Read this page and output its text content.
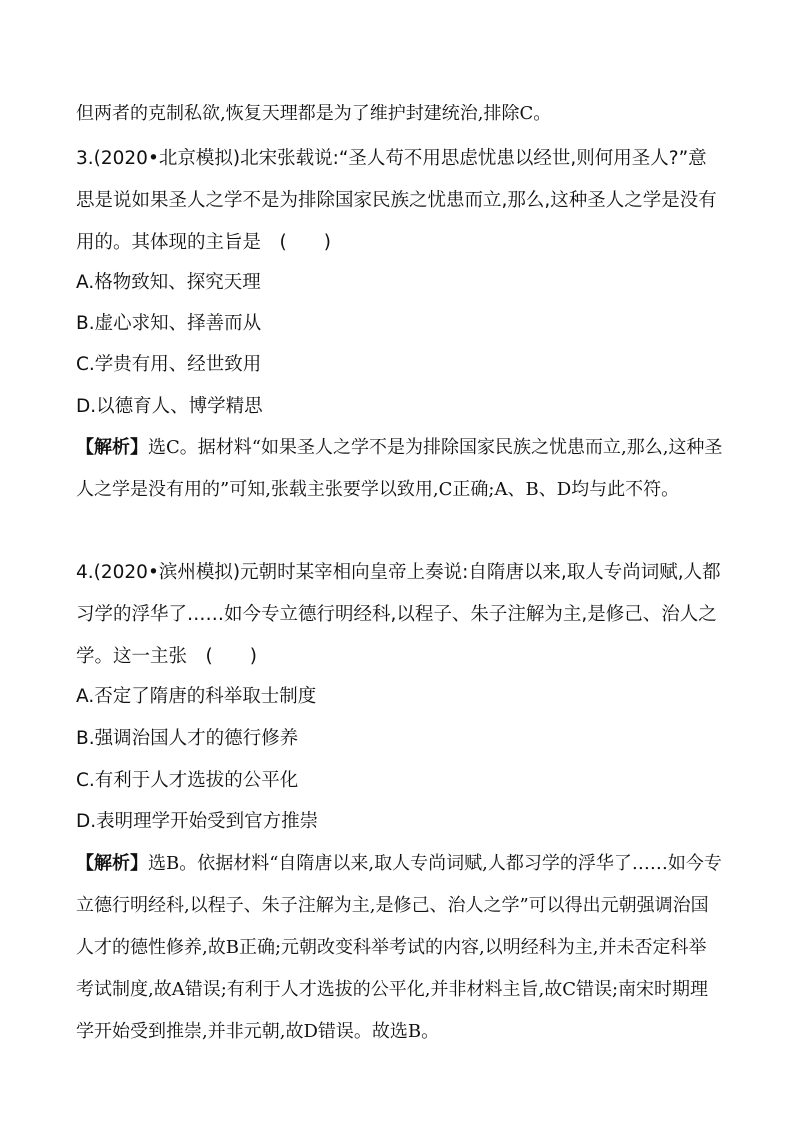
但两者的克制私欲,恢复天理都是为了维护封建统治,排除C。
3.(2020•北京模拟)北宋张载说:“圣人苟不用思虑忧患以经世,则何用圣人?”意思是说如果圣人之学不是为排除国家民族之忧患而立,那么,这种圣人之学是没有用的。其体现的主旨是　(　　)
A.格物致知、探究天理
B.虚心求知、择善而从
C.学贵有用、经世致用
D.以德育人、博学精思
【解析】选C。据材料“如果圣人之学不是为排除国家民族之忧患而立,那么,这种圣人之学是没有用的”可知,张载主张要学以致用,C正确;A、B、D均与此不符。
4.(2020•滨州模拟)元朝时某宰相向皇帝上奏说:自隋唐以来,取人专尚词赋,人都习学的浮华了……如今专立德行明经科,以程子、朱子注解为主,是修己、治人之学。这一主张　(　　)
A.否定了隋唐的科举取士制度
B.强调治国人才的德行修养
C.有利于人才选拔的公平化
D.表明理学开始受到官方推崇
【解析】选B。依据材料“自隋唐以来,取人专尚词赋,人都习学的浮华了……如今专立德行明经科,以程子、朱子注解为主,是修己、治人之学”可以得出元朝强调治国人才的德性修养,故B正确;元朝改变科举考试的内容,以明经科为主,并未否定科举考试制度,故A错误;有利于人才选拔的公平化,并非材料主旨,故C错误;南宋时期理学开始受到推崇,并非元朝,故D错误。故选B。
